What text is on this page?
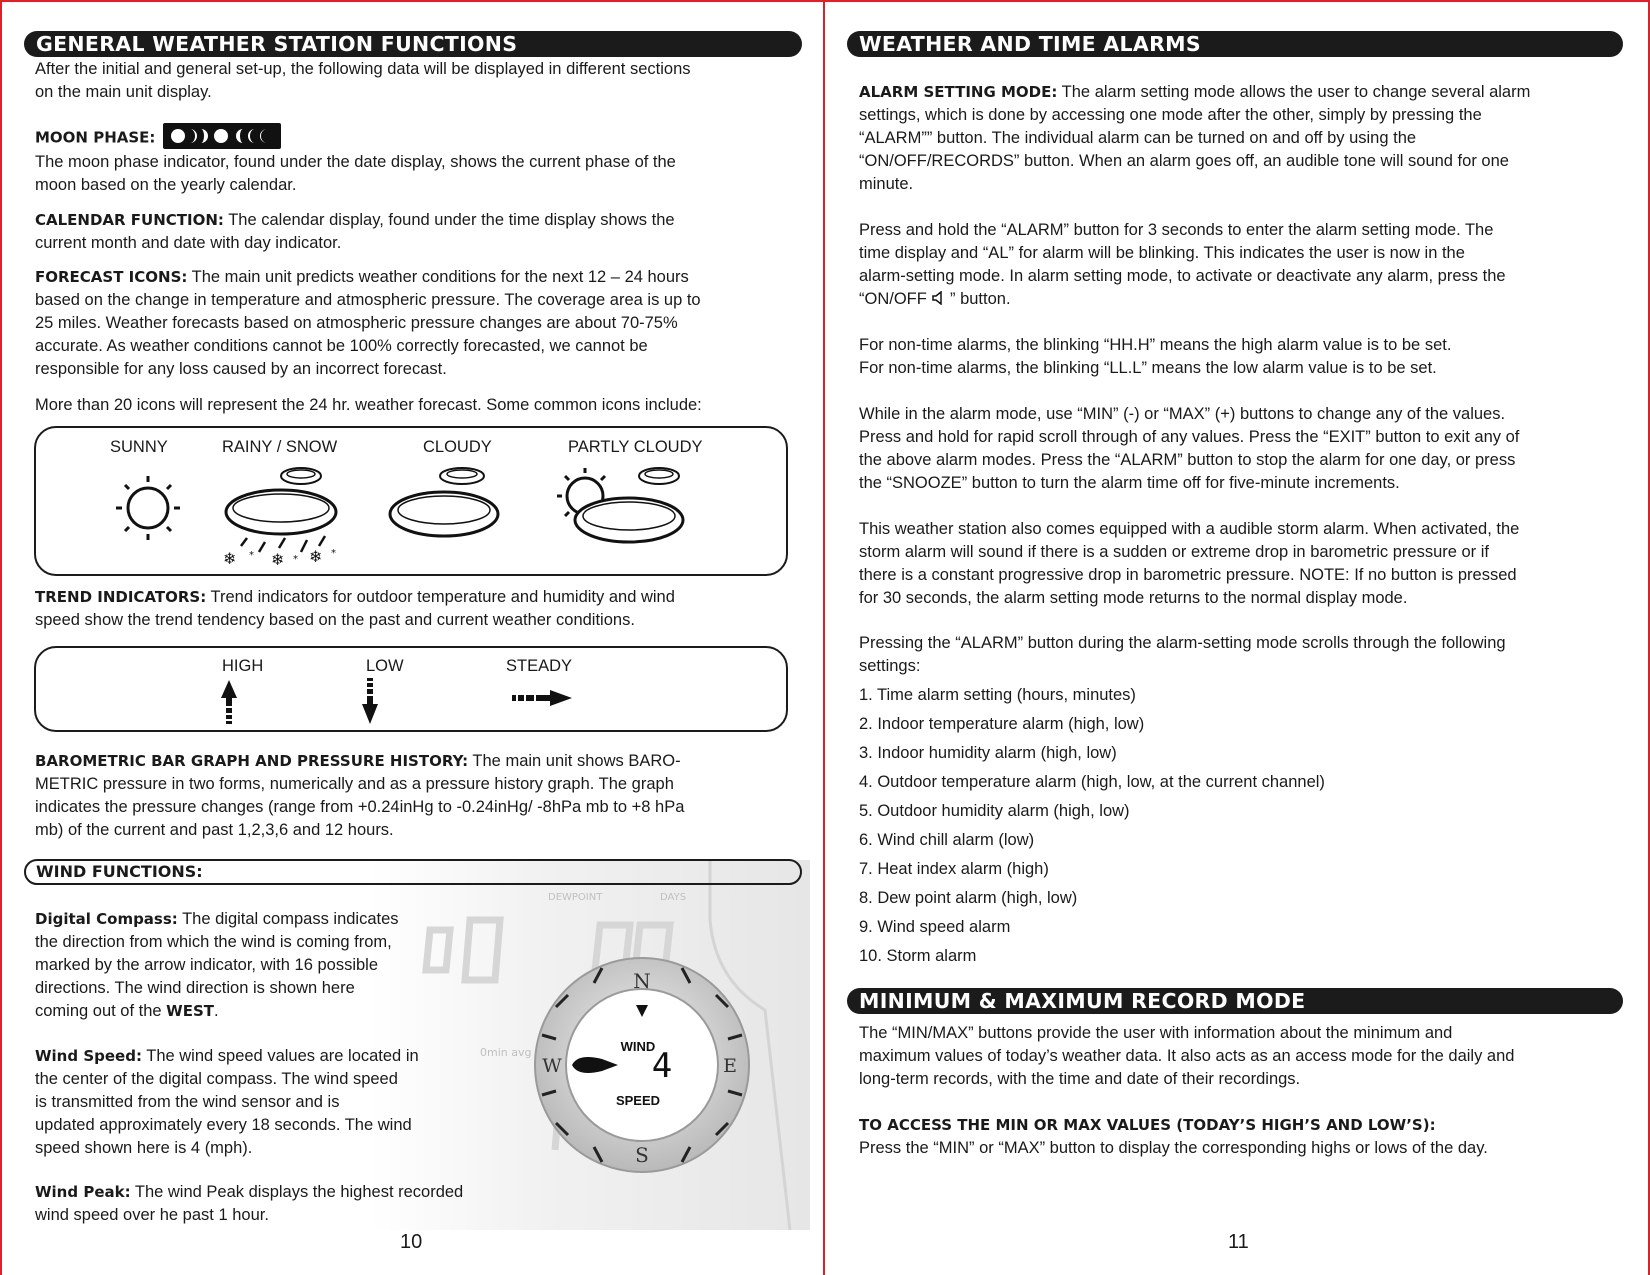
GENERAL WEATHER STATION FUNCTIONS
After the initial and general set-up, the following data will be displayed in different sections
on the main unit display.
MOON PHASE:
The moon phase indicator, found under the date display, shows the current phase of the
moon based on the yearly calendar.
CALENDAR FUNCTION: The calendar display, found under the time display shows the
current month and date with day indicator.
FORECAST ICONS: The main unit predicts weather conditions for the next 12 – 24 hours
based on the change in temperature and atmospheric pressure. The coverage area is up to
25 miles. Weather forecasts based on atmospheric pressure changes are about 70-75%
accurate. As weather conditions cannot be 100% correctly forecasted, we cannot be
responsible for any loss caused by an incorrect forecast.
More than 20 icons will represent the 24 hr. weather forecast. Some common icons include:
SUNNY	RAINY / SNOW	CLOUDY	PARTLY CLOUDY
❄ ❄ ❄
*	*
*
TREND INDICATORS: Trend indicators for outdoor temperature and humidity and wind
speed show the trend tendency based on the past and current weather conditions.
HIGH	LOW	STEADY
BAROMETRIC BAR GRAPH AND PRESSURE HISTORY: The main unit shows BARO-
METRIC pressure in two forms, numerically and as a pressure history graph. The graph
indicates the pressure changes (range from +0.24inHg to -0.24inHg/ -8hPa mb to +8 hPa
mb) of the current and past 1,2,3,6 and 12 hours.
DEWPOINT	DAYS
0min avg
WIND FUNCTIONS:
N
S
E
W
WIND
4
SPEED
Digital Compass: The digital compass indicates
the direction from which the wind is coming from,
marked by the arrow indicator, with 16 possible
directions. The wind direction is shown here
coming out of the WEST.
Wind Speed: The wind speed values are located in
the center of the digital compass. The wind speed
is transmitted from the wind sensor and is
updated approximately every 18 seconds. The wind
speed shown here is 4 (mph).
Wind Peak: The wind Peak displays the highest recorded
wind speed over he past 1 hour.
10
WEATHER AND TIME ALARMS
ALARM SETTING MODE: The alarm setting mode allows the user to change several alarm
settings, which is done by accessing one mode after the other, simply by pressing the
“ALARM”” button. The individual alarm can be turned on and off by using the
“ON/OFF/RECORDS” button. When an alarm goes off, an audible tone will sound for one
minute.
Press and hold the “ALARM” button for 3 seconds to enter the alarm setting mode. The
time display and “AL” for alarm will be blinking. This indicates the user is now in the
alarm-setting mode. In alarm setting mode, to activate or deactivate any alarm, press the
“ON/OFF  ” button.
For non-time alarms, the blinking “HH.H” means the high alarm value is to be set.
For non-time alarms, the blinking “LL.L” means the low alarm value is to be set.
While in the alarm mode, use “MIN” (-) or “MAX” (+) buttons to change any of the values.
Press and hold for rapid scroll through of any values. Press the “EXIT” button to exit any of
the above alarm modes. Press the “ALARM” button to stop the alarm for one day, or press
the “SNOOZE” button to turn the alarm time off for five-minute increments.
This weather station also comes equipped with a audible storm alarm. When activated, the
storm alarm will sound if there is a sudden or extreme drop in barometric pressure or if
there is a constant progressive drop in barometric pressure. NOTE: If no button is pressed
for 30 seconds, the alarm setting mode returns to the normal display mode.
Pressing the “ALARM” button during the alarm-setting mode scrolls through the following
settings:
1. Time alarm setting (hours, minutes)
2. Indoor temperature alarm (high, low)
3. Indoor humidity alarm (high, low)
4. Outdoor temperature alarm (high, low, at the current channel)
5. Outdoor humidity alarm (high, low)
6. Wind chill alarm (low)
7. Heat index alarm (high)
8. Dew point alarm (high, low)
9. Wind speed alarm
10. Storm alarm
MINIMUM & MAXIMUM RECORD MODE
The “MIN/MAX” buttons provide the user with information about the minimum and
maximum values of today’s weather data. It also acts as an access mode for the daily and
long-term records, with the time and date of their recordings.
TO ACCESS THE MIN OR MAX VALUES (TODAY’S HIGH’S AND LOW’S):
Press the “MIN” or “MAX” button to display the corresponding highs or lows of the day.
11
